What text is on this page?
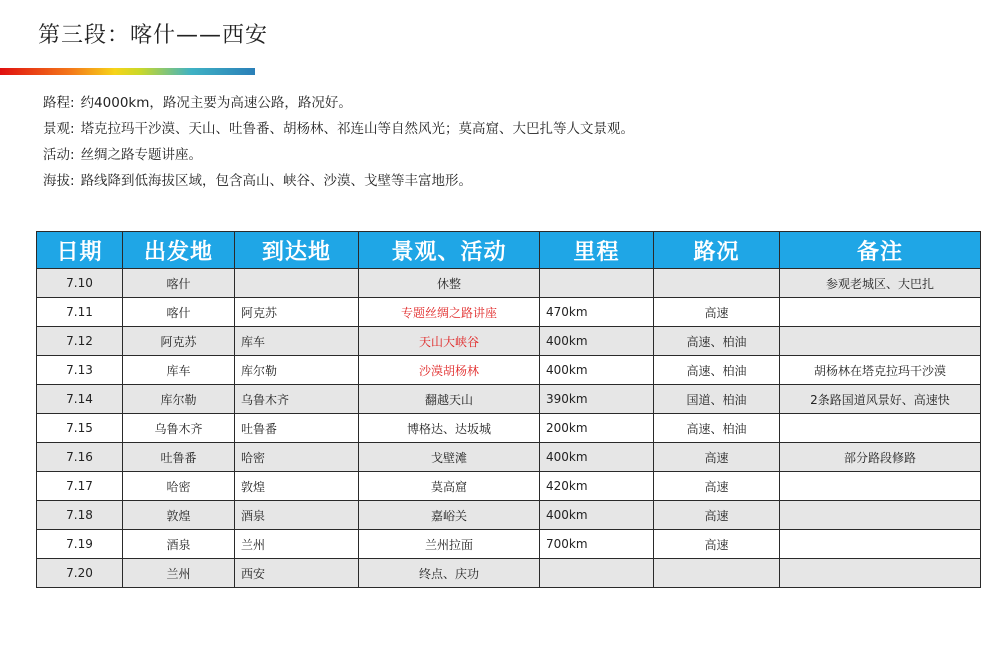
第三段：喀什——西安
路程: 约4000km，路况主要为高速公路，路况好。
景观: 塔克拉玛干沙漠、天山、吐鲁番、胡杨林、祁连山等自然风光；莫高窟、大巴扎等人文景观。
活动: 丝绸之路专题讲座。
海拔: 路线降到低海拔区域，包含高山、峡谷、沙漠、戈壁等丰富地形。
日期	出发地	到达地	景观、活动	里程	路况	备注
7.10	喀什		休整			参观老城区、大巴扎
7.11	喀什	阿克苏	专题丝绸之路讲座	470km	高速	
7.12	阿克苏	库车	天山大峡谷	400km	高速、柏油	
7.13	库车	库尔勒	沙漠胡杨林	400km	高速、柏油	胡杨林在塔克拉玛干沙漠
7.14	库尔勒	乌鲁木齐	翻越天山	390km	国道、柏油	2条路国道风景好、高速快
7.15	乌鲁木齐	吐鲁番	博格达、达坂城	200km	高速、柏油	
7.16	吐鲁番	哈密	戈壁滩	400km	高速	部分路段修路
7.17	哈密	敦煌	莫高窟	420km	高速	
7.18	敦煌	酒泉	嘉峪关	400km	高速	
7.19	酒泉	兰州	兰州拉面	700km	高速	
7.20	兰州	西安	终点、庆功			
